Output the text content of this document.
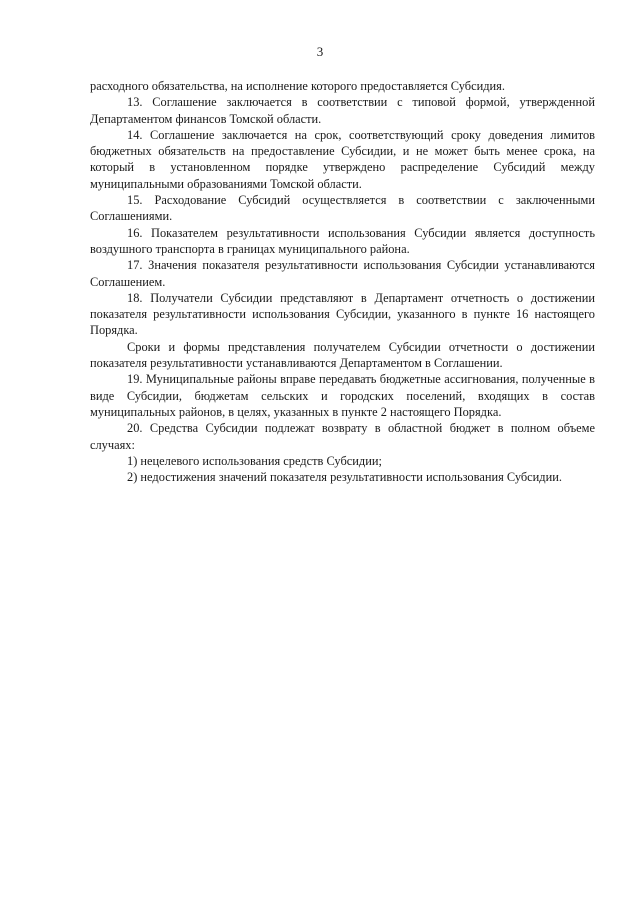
3

расходного обязательства, на исполнение которого предоставляется Субсидия.

13. Соглашение заключается в соответствии с типовой формой, утвержденной Департаментом финансов Томской области.

14. Соглашение заключается на срок, соответствующий сроку доведения лимитов бюджетных обязательств на предоставление Субсидии, и не может быть менее срока, на который в установленном порядке утверждено распределение Субсидий между муниципальными образованиями Томской области.

15. Расходование Субсидий осуществляется в соответствии с заключенными Соглашениями.

16. Показателем результативности использования Субсидии является доступность воздушного транспорта в границах муниципального района.

17. Значения показателя результативности использования Субсидии устанавливаются Соглашением.

18. Получатели Субсидии представляют в Департамент отчетность о достижении показателя результативности использования Субсидии, указанного в пункте 16 настоящего Порядка.

Сроки и формы представления получателем Субсидии отчетности о достижении показателя результативности устанавливаются Департаментом в Соглашении.

19. Муниципальные районы вправе передавать бюджетные ассигнования, полученные в виде Субсидии, бюджетам сельских и городских поселений, входящих в состав муниципальных районов, в целях, указанных в пункте 2 настоящего Порядка.

20. Средства Субсидии подлежат возврату в областной бюджет в полном объеме случаях:

1) нецелевого использования средств Субсидии;

2) недостижения значений показателя результативности использования Субсидии.
